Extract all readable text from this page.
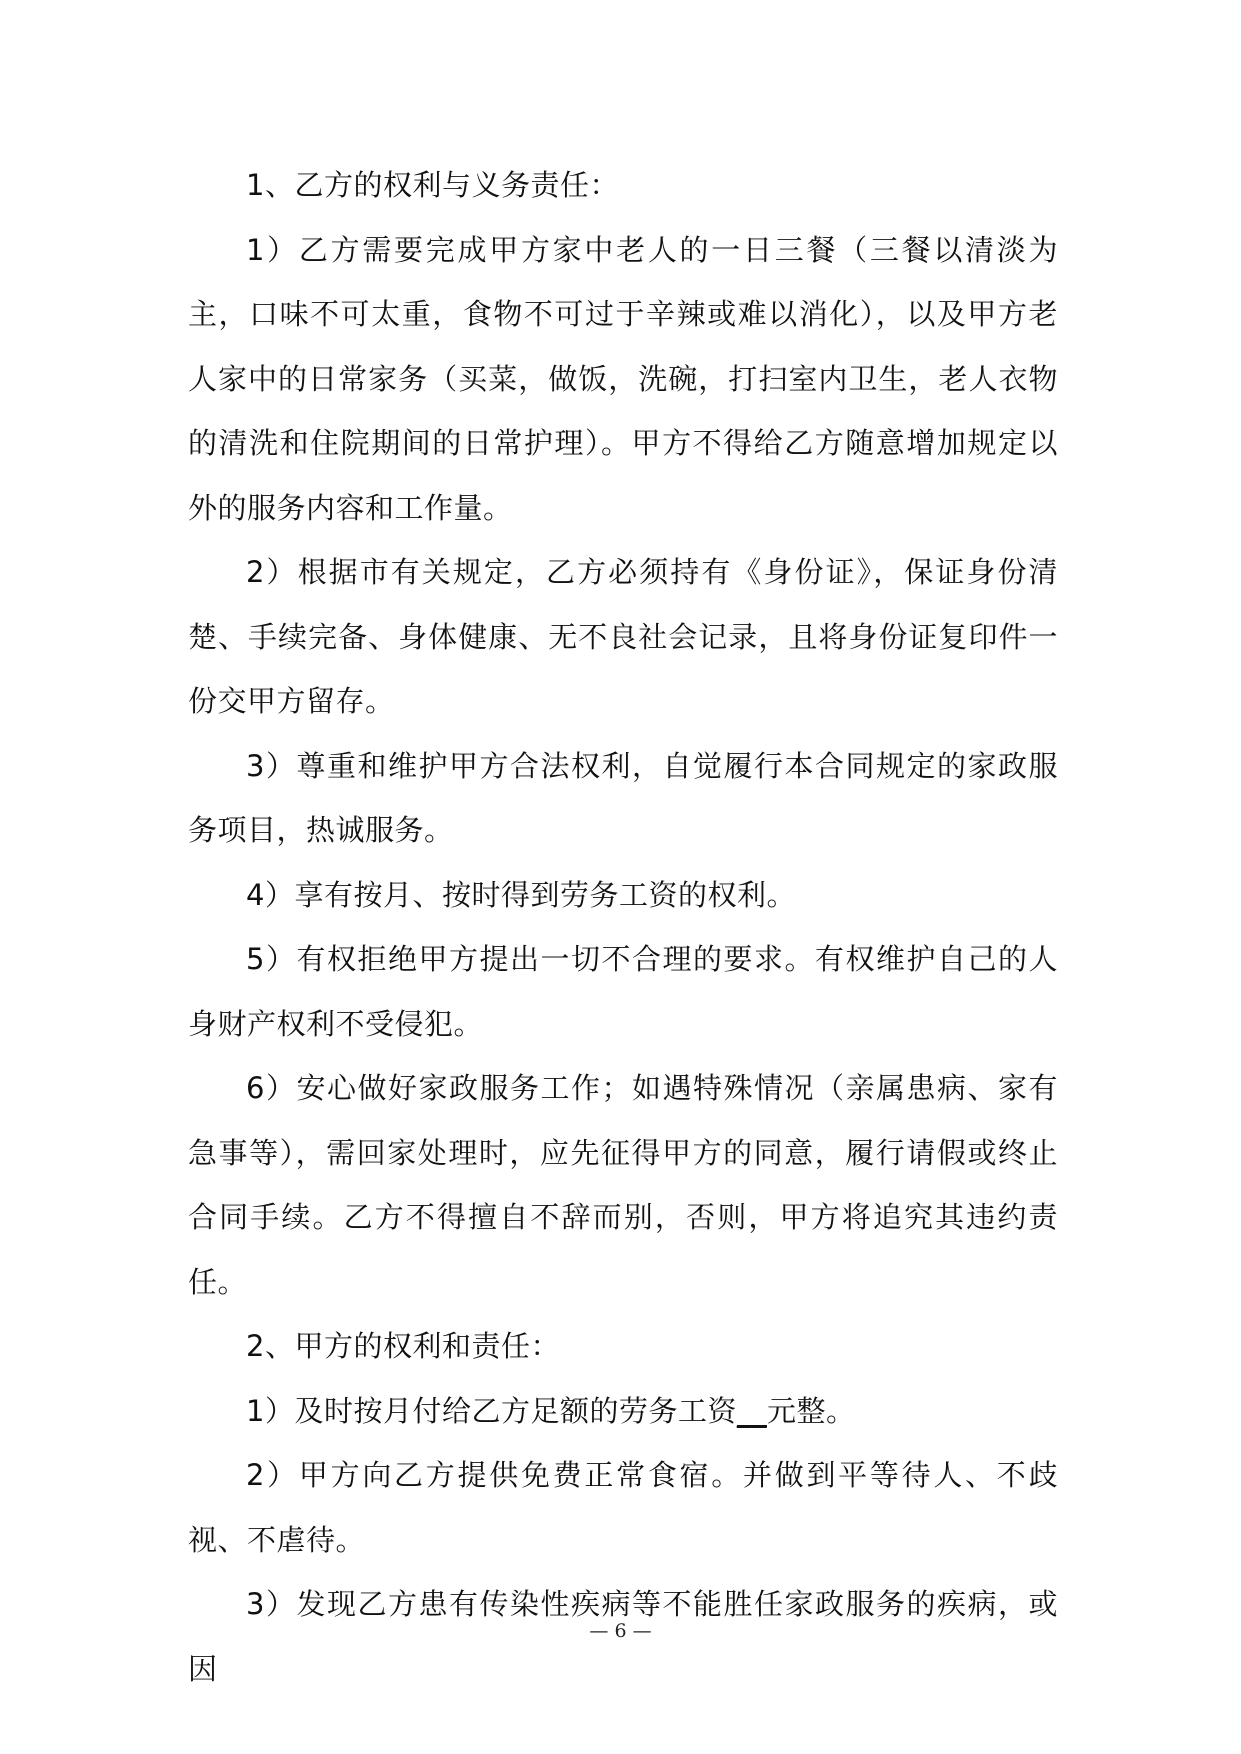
1、乙方的权利与义务责任：

1）乙方需要完成甲方家中老人的一日三餐（三餐以清淡为主，口味不可太重，食物不可过于辛辣或难以消化），以及甲方老人家中的日常家务（买菜，做饭，洗碗，打扫室内卫生，老人衣物的清洗和住院期间的日常护理）。甲方不得给乙方随意增加规定以外的服务内容和工作量。

2）根据市有关规定，乙方必须持有《身份证》，保证身份清楚、手续完备、身体健康、无不良社会记录，且将身份证复印件一份交甲方留存。

3）尊重和维护甲方合法权利，自觉履行本合同规定的家政服务项目，热诚服务。

4）享有按月、按时得到劳务工资的权利。

5）有权拒绝甲方提出一切不合理的要求。有权维护自己的人身财产权利不受侵犯。

6）安心做好家政服务工作；如遇特殊情况（亲属患病、家有急事等），需回家处理时，应先征得甲方的同意，履行请假或终止合同手续。乙方不得擅自不辞而别，否则，甲方将追究其违约责任。

2、甲方的权利和责任：

1）及时按月付给乙方足额的劳务工资__元整。

2）甲方向乙方提供免费正常食宿。并做到平等待人、不歧视、不虐待。

3）发现乙方患有传染性疾病等不能胜任家政服务的疾病，或因

— 6 —
